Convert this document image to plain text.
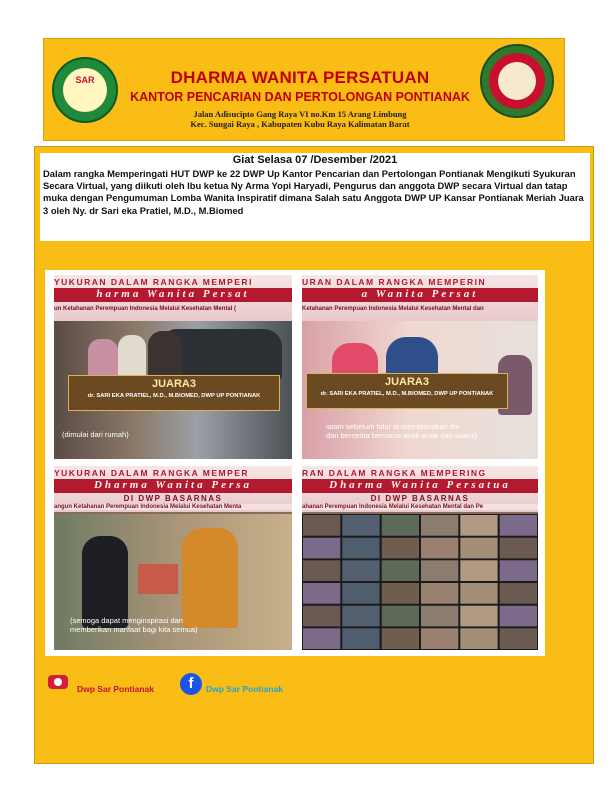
SAR	DHARMA WANITA PERSATUAN
KANTOR PENCARIAN DAN PERTOLONGAN PONTIANAK
Jalan Adisucipto Gang Raya VI no.Km 15 Arang Limbung
Kec. Sungai Raya , Kabupaten Kubu Raya Kalimatan Barat
Giat Selasa 07 /Desember /2021
Dalam rangka Memperingati HUT DWP ke 22 DWP Up Kantor Pencarian dan Pertolongan Pontianak Mengikuti Syukuran Secara Virtual, yang diikuti oleh Ibu ketua Ny Arma Yopi Haryadi, Pengurus dan anggota DWP secara Virtual dan tatap muka dengan Pengumuman Lomba Wanita Inspiratif dimana Salah satu Anggota DWP UP Kansar Pontianak Meriah Juara 3 oleh Ny. dr Sari eka Pratiel, M.D., M.Biomed
YUKURAN DALAM RANGKA MEMPERI
harma Wanita Persat
un Ketahanan Perempuan Indonesia Melalui Kesehatan Mental (
JUARA3
dr. SARI EKA PRATIEL, M.D., M.BIOMED, DWP UP PONTIANAK
(dimulai dari rumah)
URAN DALAM RANGKA MEMPERIN
a Wanita Persat
Ketahanan Perempuan Indonesia Melalui Kesehatan Mental dan
JUARA3
dr. SARI EKA PRATIEL, M.D., M.BIOMED, DWP UP PONTIANAK
iaiam sebelum tidur ia membiasakan diri
dan bercerita bersama anak-anak dan suami)
YUKURAN DALAM RANGKA MEMPER
Dharma Wanita Persa
DI DWP BASARNAS
angun Ketahanan Perempuan Indonesia Melalui Kesehatan Menta
(semoga dapat menginspirasi dan
memberikan manfaat bagi kita semua)
RAN DALAM RANGKA MEMPERING
Dharma Wanita Persatua
DI DWP BASARNAS
ahanan Perempuan Indonesia Melalui Kesehatan Mental dan Pe
Dwp Sar Pontianak	f	Dwp Sar Pontianak
